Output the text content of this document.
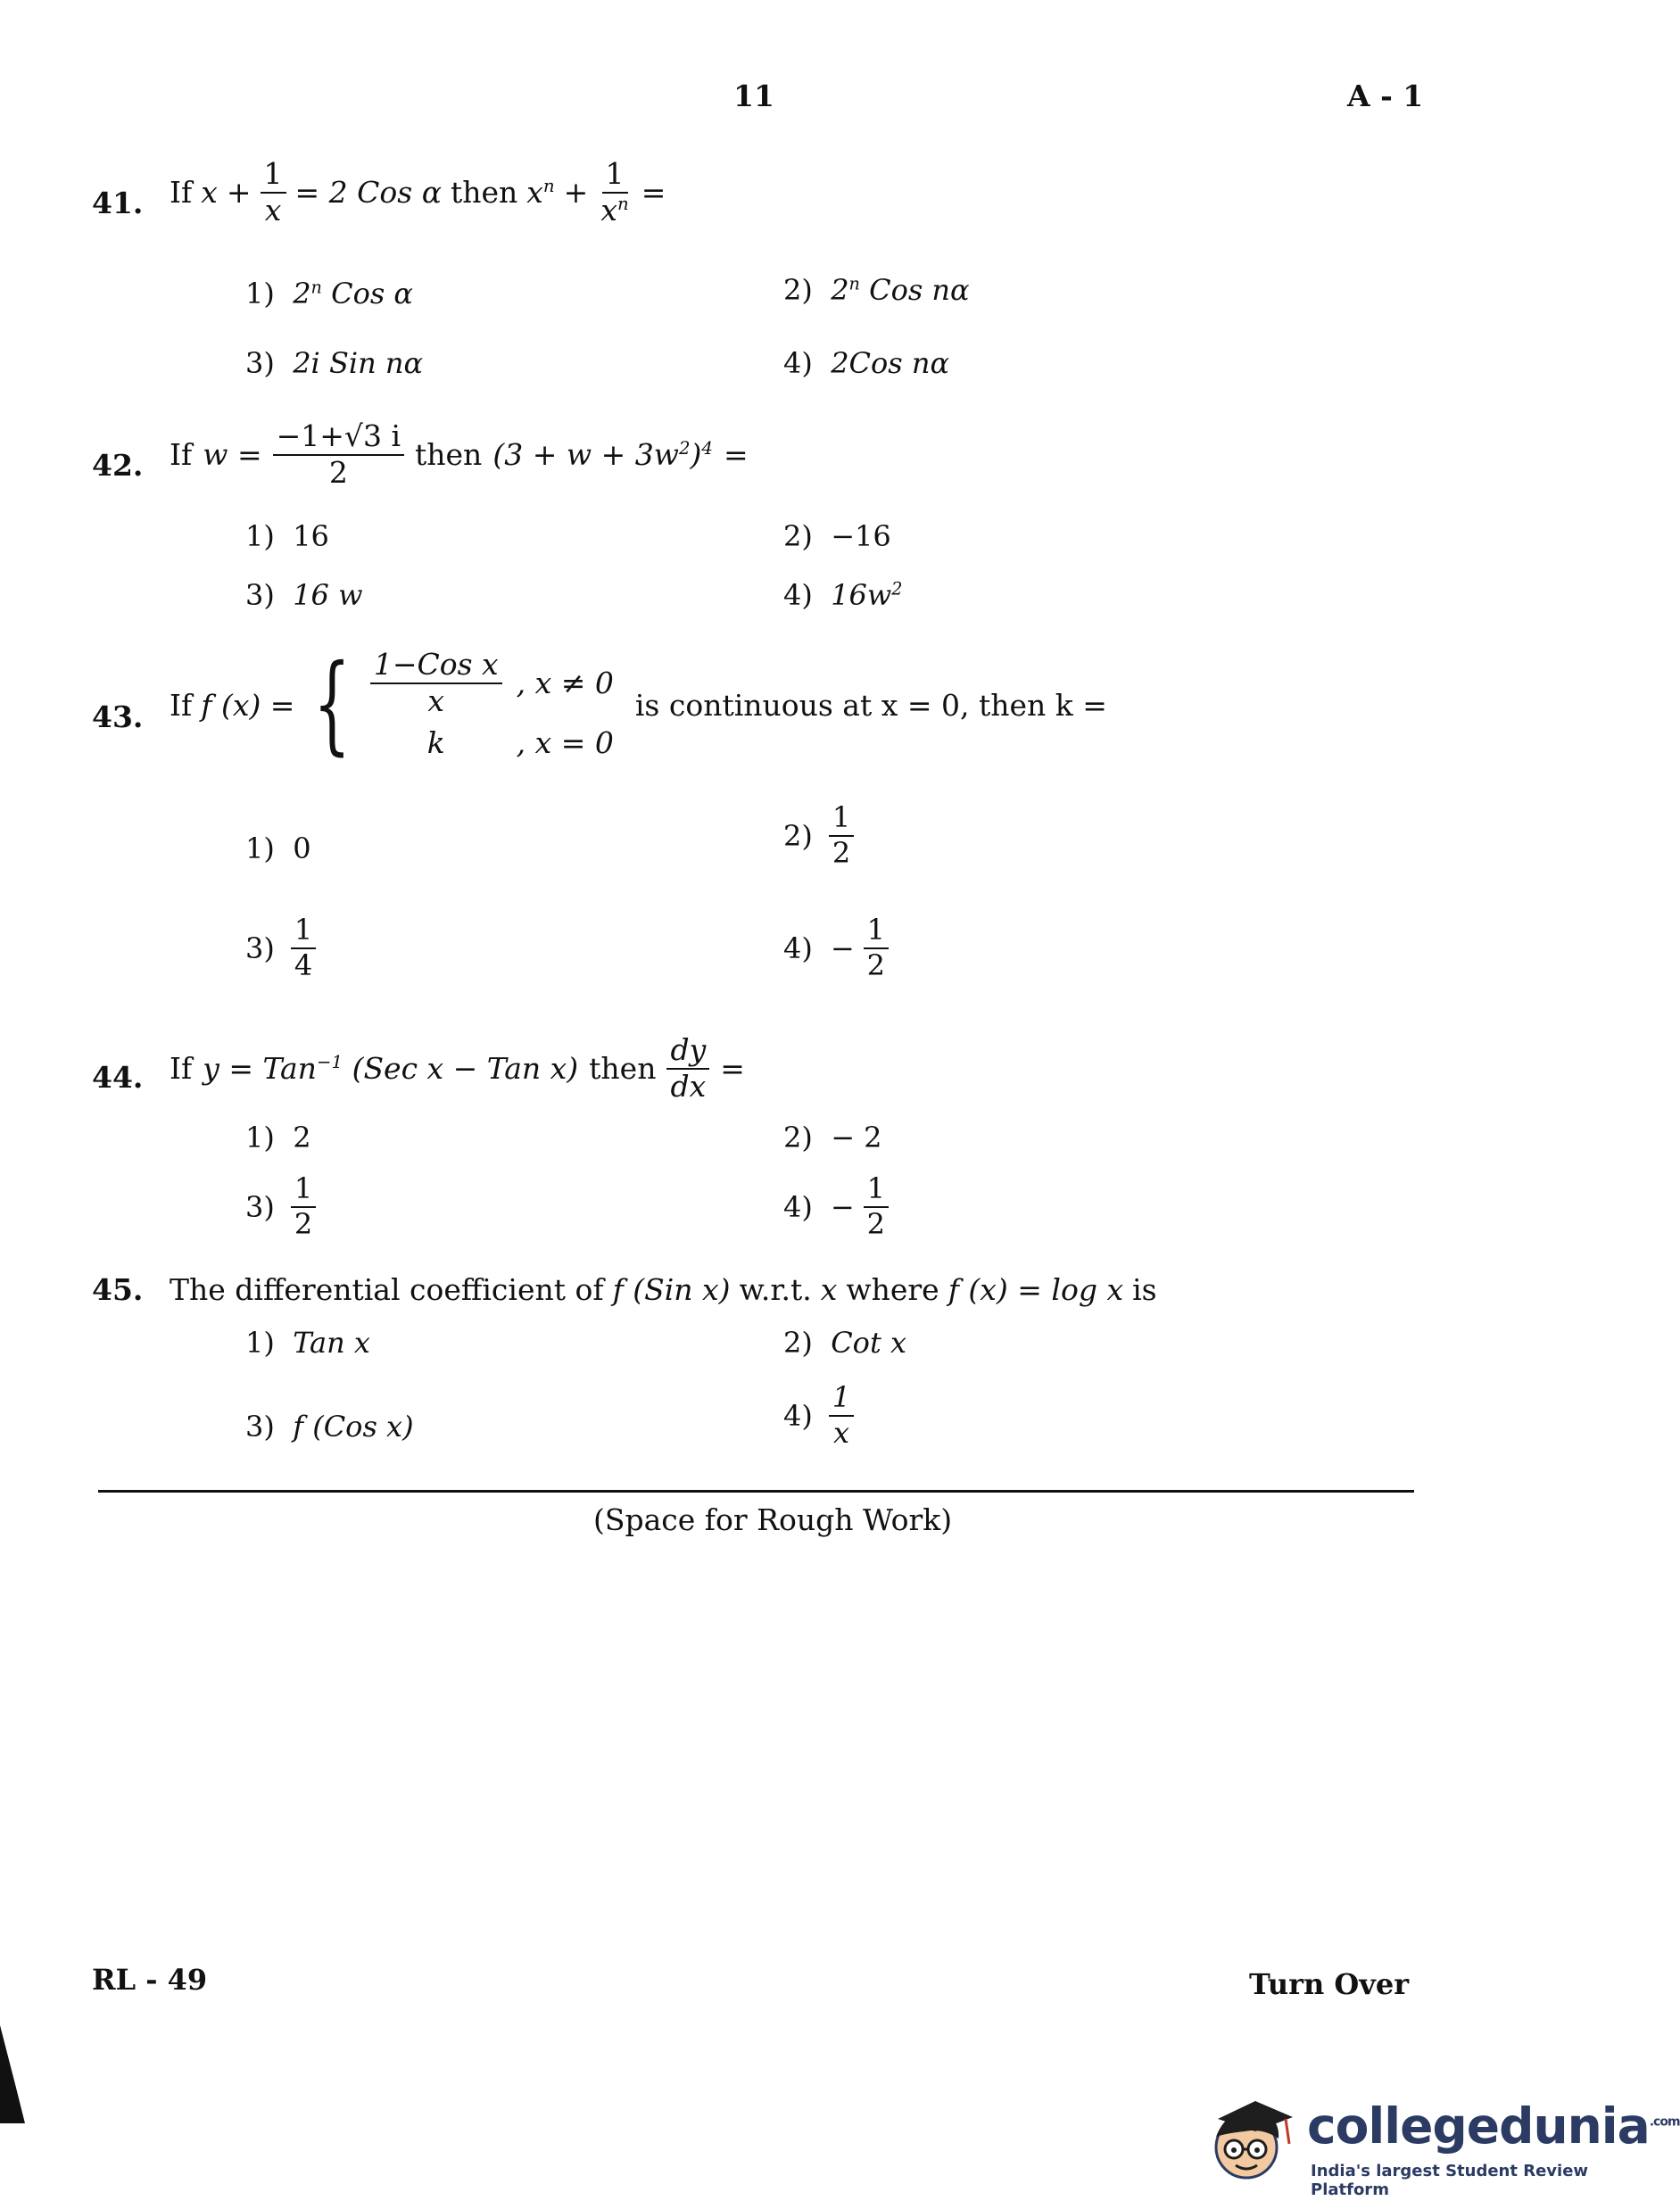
11	A - 1
41. If $x + \frac{1}{x} = 2$ Cos α then $x^n + \frac{1}{x^n}$ =
1) 2$^n$ Cos α	2) 2$^n$ Cos nα
3) 2i Sin nα	4) 2Cos nα
42. If $w = \frac{-1+√3 i}{2}$ then $(3 + w + 3w^2)^4$ =
1) 16	2) −16
3) 16 w	4) $16w^2$
43. If f (x) = { $\frac{\text{1−Cos x}}{x}$ , x ≠ 0
k	, x = 0
is continuous at x = 0, then k =
1) 0	$2) \frac{1}{2}$
$3) \frac{1}{4}$	$4) - \frac{1}{2}$
44. If y = Tan$^{-1}$ (Sec x − Tan x) then $\frac{dy}{dx}$ =
1) 2	2) − 2
$3) \frac{1}{2}$	$4) - \frac{1}{2}$
45. The differential coefficient of f (Sin x) w.r.t. x where f (x) = log x is
1) Tan x	2) Cot x
3) f (Cos x)	$4) \frac{1}{x}$
(Space for Rough Work)
RL - 49	Turn Over
collegedunia$^{.com}$
India's largest Student Review Platform
